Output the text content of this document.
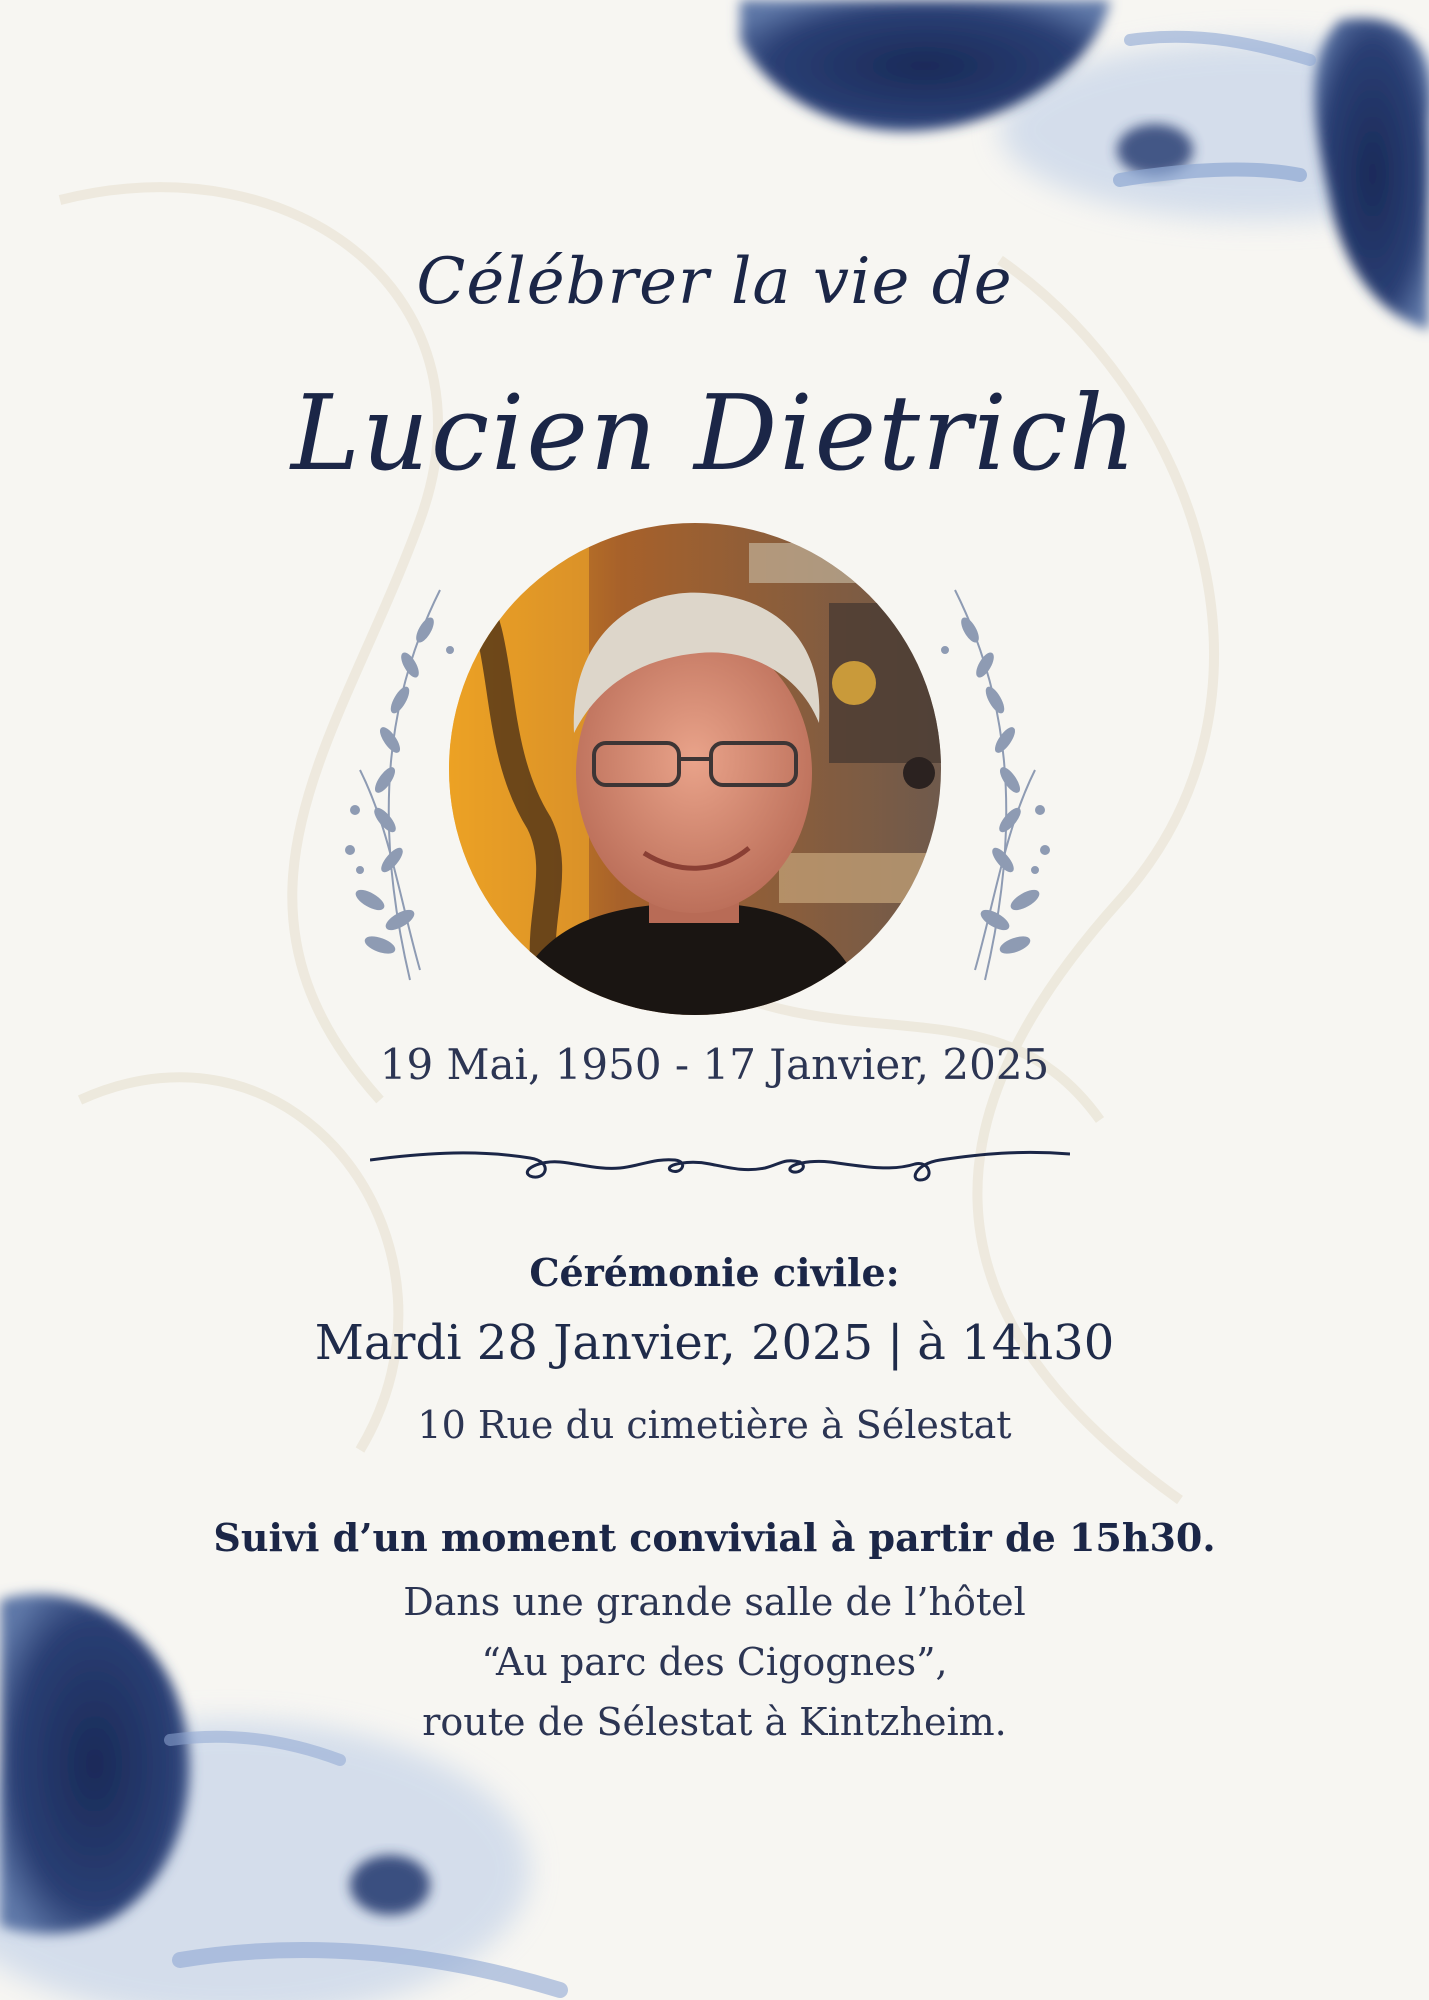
Célébrer la vie de
Lucien Dietrich
19 Mai, 1950 - 17 Janvier, 2025
Cérémonie civile:
Mardi 28 Janvier, 2025 | à 14h30
10 Rue du cimetière à Sélestat
Suivi d’un moment convivial à partir de 15h30.
Dans une grande salle de l’hôtel
“Au parc des Cigognes”,
route de Sélestat à Kintzheim.
